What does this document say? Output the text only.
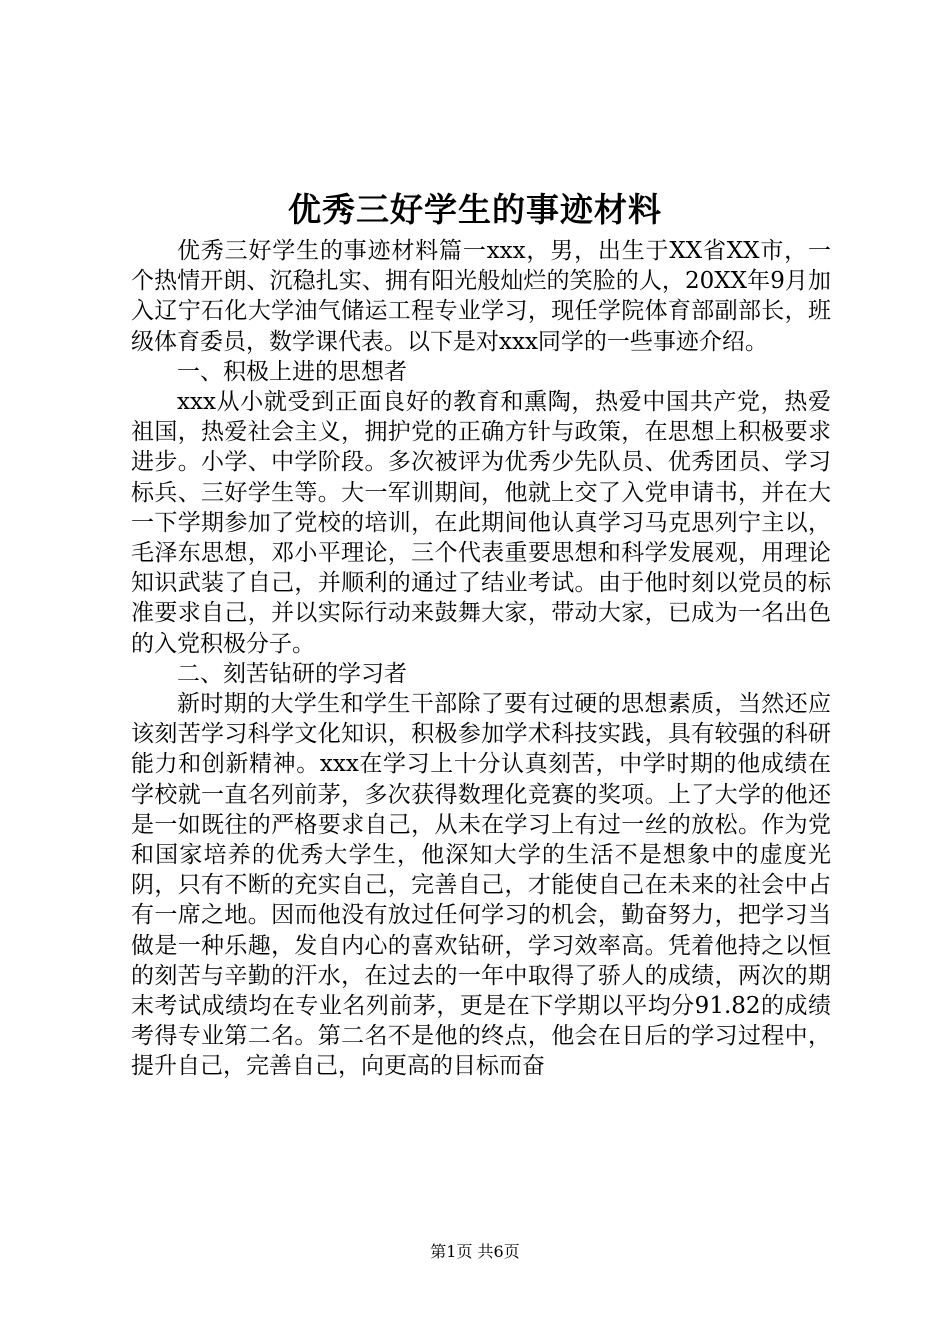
优秀三好学生的事迹材料

优秀三好学生的事迹材料篇一xxx，男，出生于XX省XX市，一个热情开朗、沉稳扎实、拥有阳光般灿烂的笑脸的人，20XX年9月加入辽宁石化大学油气储运工程专业学习，现任学院体育部副部长，班级体育委员，数学课代表。以下是对xxx同学的一些事迹介绍。

一、积极上进的思想者

xxx从小就受到正面良好的教育和熏陶，热爱中国共产党，热爱祖国，热爱社会主义，拥护党的正确方针与政策，在思想上积极要求进步。小学、中学阶段。多次被评为优秀少先队员、优秀团员、学习标兵、三好学生等。大一军训期间，他就上交了入党申请书，并在大一下学期参加了党校的培训，在此期间他认真学习马克思列宁主以，毛泽东思想，邓小平理论，三个代表重要思想和科学发展观，用理论知识武装了自己，并顺利的通过了结业考试。由于他时刻以党员的标准要求自己，并以实际行动来鼓舞大家，带动大家，已成为一名出色的入党积极分子。

二、刻苦钻研的学习者

新时期的大学生和学生干部除了要有过硬的思想素质，当然还应该刻苦学习科学文化知识，积极参加学术科技实践，具有较强的科研能力和创新精神。xxx在学习上十分认真刻苦，中学时期的他成绩在学校就一直名列前茅，多次获得数理化竞赛的奖项。上了大学的他还是一如既往的严格要求自己，从未在学习上有过一丝的放松。作为党和国家培养的优秀大学生，他深知大学的生活不是想象中的虚度光阴，只有不断的充实自己，完善自己，才能使自己在未来的社会中占有一席之地。因而他没有放过任何学习的机会，勤奋努力，把学习当做是一种乐趣，发自内心的喜欢钻研，学习效率高。凭着他持之以恒的刻苦与辛勤的汗水，在过去的一年中取得了骄人的成绩，两次的期末考试成绩均在专业名列前茅，更是在下学期以平均分91.82的成绩考得专业第二名。第二名不是他的终点，他会在日后的学习过程中，提升自己，完善自己，向更高的目标而奋

第1页 共6页
